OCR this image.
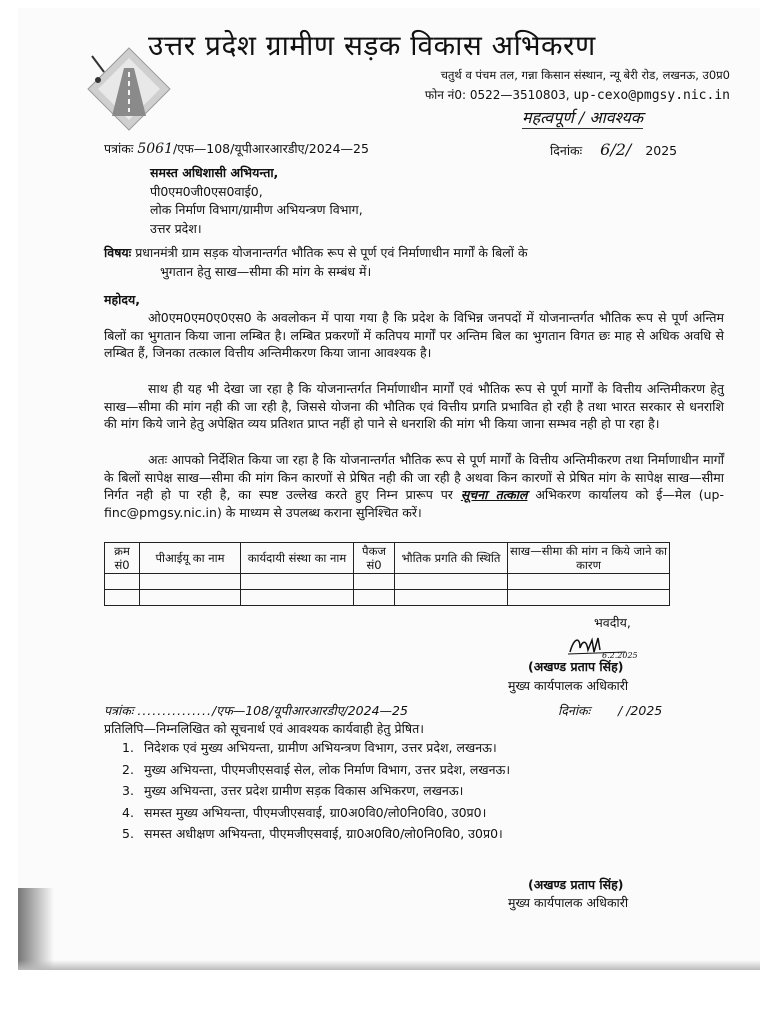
उत्तर प्रदेश ग्रामीण सड़क विकास अभिकरण
चतुर्थ व पंचम तल, गन्ना किसान संस्थान, न्यू बेरी रोड, लखनऊ, उ0प्र0
फोन नं0: 0522—3510803, up-cexo@pmgsy.nic.in
महत्वपूर्ण / आवश्यक
पत्रांकः 5061/एफ—108/यूपीआरआरडीए/2024—25	दिनांकः 6/2/ 2025
समस्त अधिशासी अभियन्ता,
पी0एम0जी0एस0वाई0,
लोक निर्माण विभाग/ग्रामीण अभियन्त्रण विभाग,
उत्तर प्रदेश।
विषयः प्रधानमंत्री ग्राम सड़क योजनान्तर्गत भौतिक रूप से पूर्ण एवं निर्माणाधीन मार्गों के बिलों के
भुगतान हेतु साख—सीमा की मांग के सम्बंध में।
महोदय,
ओ0एम0एम0ए0एस0 के अवलोकन में पाया गया है कि प्रदेश के विभिन्न जनपदों में योजनान्तर्गत भौतिक रूप से पूर्ण अन्तिम बिलों का भुगतान किया जाना लम्बित है। लम्बित प्रकरणों में कतिपय मार्गों पर अन्तिम बिल का भुगतान विगत छः माह से अधिक अवधि से लम्बित हैं, जिनका तत्काल वित्तीय अन्तिमीकरण किया जाना आवश्यक है।
साथ ही यह भी देखा जा रहा है कि योजनान्तर्गत निर्माणाधीन मार्गों एवं भौतिक रूप से पूर्ण मार्गों के वित्तीय अन्तिमीकरण हेतु साख—सीमा की मांग नही की जा रही है, जिससे योजना की भौतिक एवं वित्तीय प्रगति प्रभावित हो रही है तथा भारत सरकार से धनराशि की मांग किये जाने हेतु अपेक्षित व्यय प्रतिशत प्राप्त नहीं हो पाने से धनराशि की मांग भी किया जाना सम्भव नही हो पा रहा है।
अतः आपको निर्देशित किया जा रहा है कि योजनान्तर्गत भौतिक रूप से पूर्ण मार्गों के वित्तीय अन्तिमीकरण तथा निर्माणाधीन मार्गों के बिलों सापेक्ष साख—सीमा की मांग किन कारणों से प्रेषित नही की जा रही है अथवा किन कारणों से प्रेषित मांग के सापेक्ष साख—सीमा निर्गत नही हो पा रही है, का स्पष्ट उल्लेख करते हुए निम्न प्रारूप पर सूचना तत्काल अभिकरण कार्यालय को ई—मेल (up-finc@pmgsy.nic.in) के माध्यम से उपलब्ध कराना सुनिश्चित करें।
क्रम सं0	पीआईयू का नाम	कार्यदायी संस्था का नाम	पैकज सं0	भौतिक प्रगति की स्थिति	साख—सीमा की मांग न किये जाने का कारण

भवदीय,
6.2.2025
(अखण्ड प्रताप सिंह)
मुख्य कार्यपालक अधिकारी
पत्रांकः .............../एफ—108/यूपीआरआरडीए/2024—25	दिनांकः / /2025
प्रतिलिपि—निम्नलिखित को सूचनार्थ एवं आवश्यक कार्यवाही हेतु प्रेषित।
1. निदेशक एवं मुख्य अभियन्ता, ग्रामीण अभियन्त्रण विभाग, उत्तर प्रदेश, लखनऊ।
2. मुख्य अभियन्ता, पीएमजीएसवाई सेल, लोक निर्माण विभाग, उत्तर प्रदेश, लखनऊ।
3. मुख्य अभियन्ता, उत्तर प्रदेश ग्रामीण सड़क विकास अभिकरण, लखनऊ।
4. समस्त मुख्य अभियन्ता, पीएमजीएसवाई, ग्रा0अ0वि0/लो0नि0वि0, उ0प्र0।
5. समस्त अधीक्षण अभियन्ता, पीएमजीएसवाई, ग्रा0अ0वि0/लो0नि0वि0, उ0प्र0।
(अखण्ड प्रताप सिंह)
मुख्य कार्यपालक अधिकारी
